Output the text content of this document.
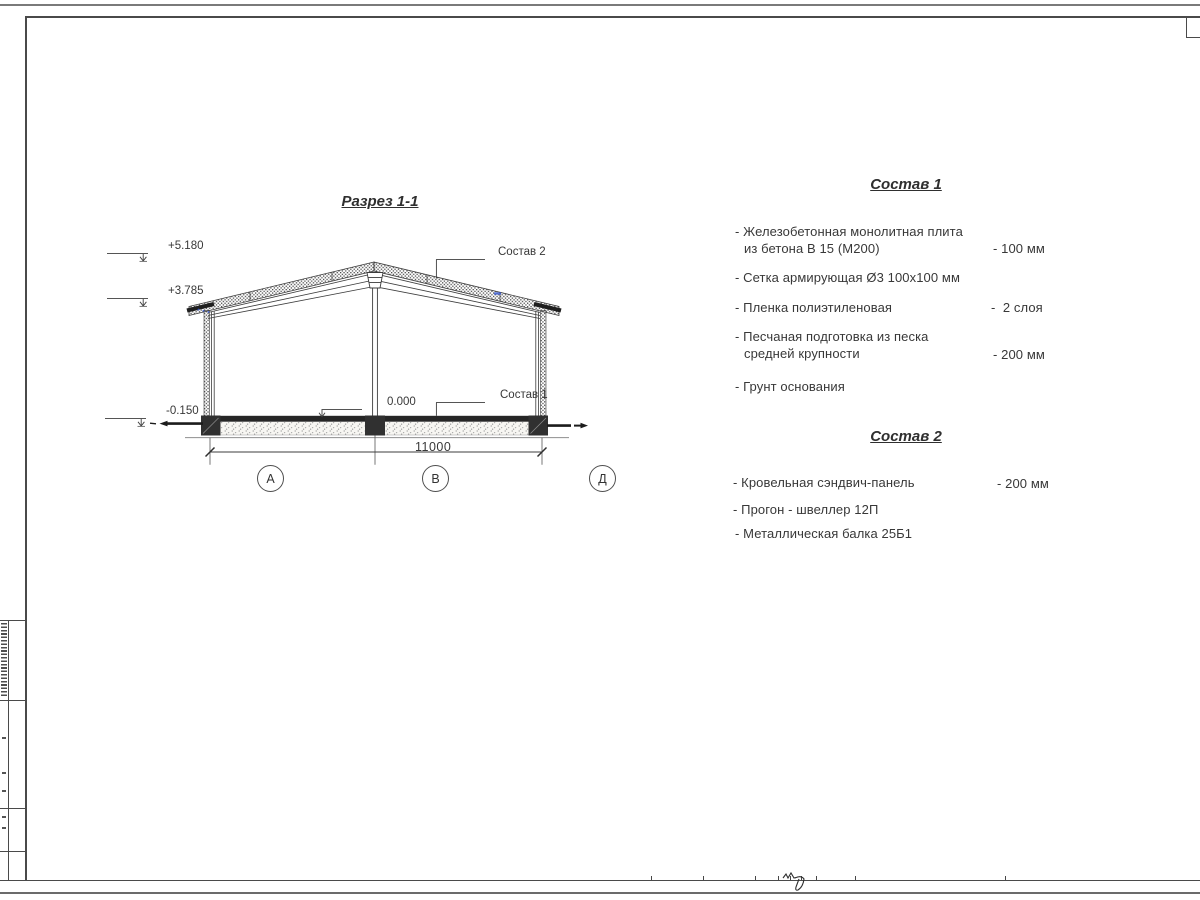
Разрез 1-1
+5.180
+3.785
-0.150
0.000
Состав 2
Состав 1
11000
А	В	Д
Состав 1
- Железобетонная монолитная плита
из бетона В 15 (М200)	- 100 мм
- Сетка армирующая Ø3 100x100 мм
- Пленка полиэтиленовая	-  2 слоя
- Песчаная подготовка из песка
средней крупности	- 200 мм
- Грунт основания
Состав 2
- Кровельная сэндвич-панель	- 200 мм
- Прогон - швеллер 12П
- Металлическая балка 25Б1
